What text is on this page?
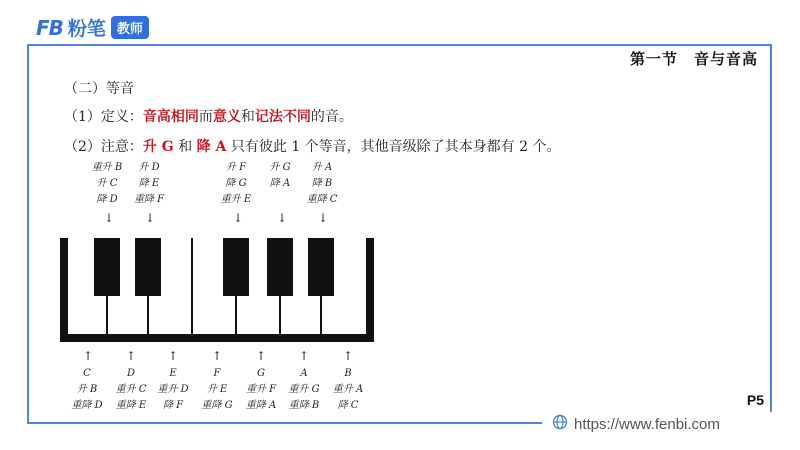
FB 粉笔 教师
第一节　音与音高
（二）等音
（1）定义：音高相同而意义和记法不同的音。
（2）注意：升 G 和 降 A 只有彼此 1 个等音，其他音级除了其本身都有 2 个。
重升 B
升 C
降 D
升 D
降 E
重降 F
升 F
降 G
重升 E
升 G
降 A
升 A
降 B
重降 C
↓	↓	↓	↓	↓
↑	↑	↑	↑	↑	↑	↑
C
升 B
重降 D
D
重升 C
重降 E
E
重升 D
降 F
F
升 E
重降 G
G
重升 F
重降 A
A
重升 G
重降 B
B
重升 A
降 C	P5
https://www.fenbi.com
